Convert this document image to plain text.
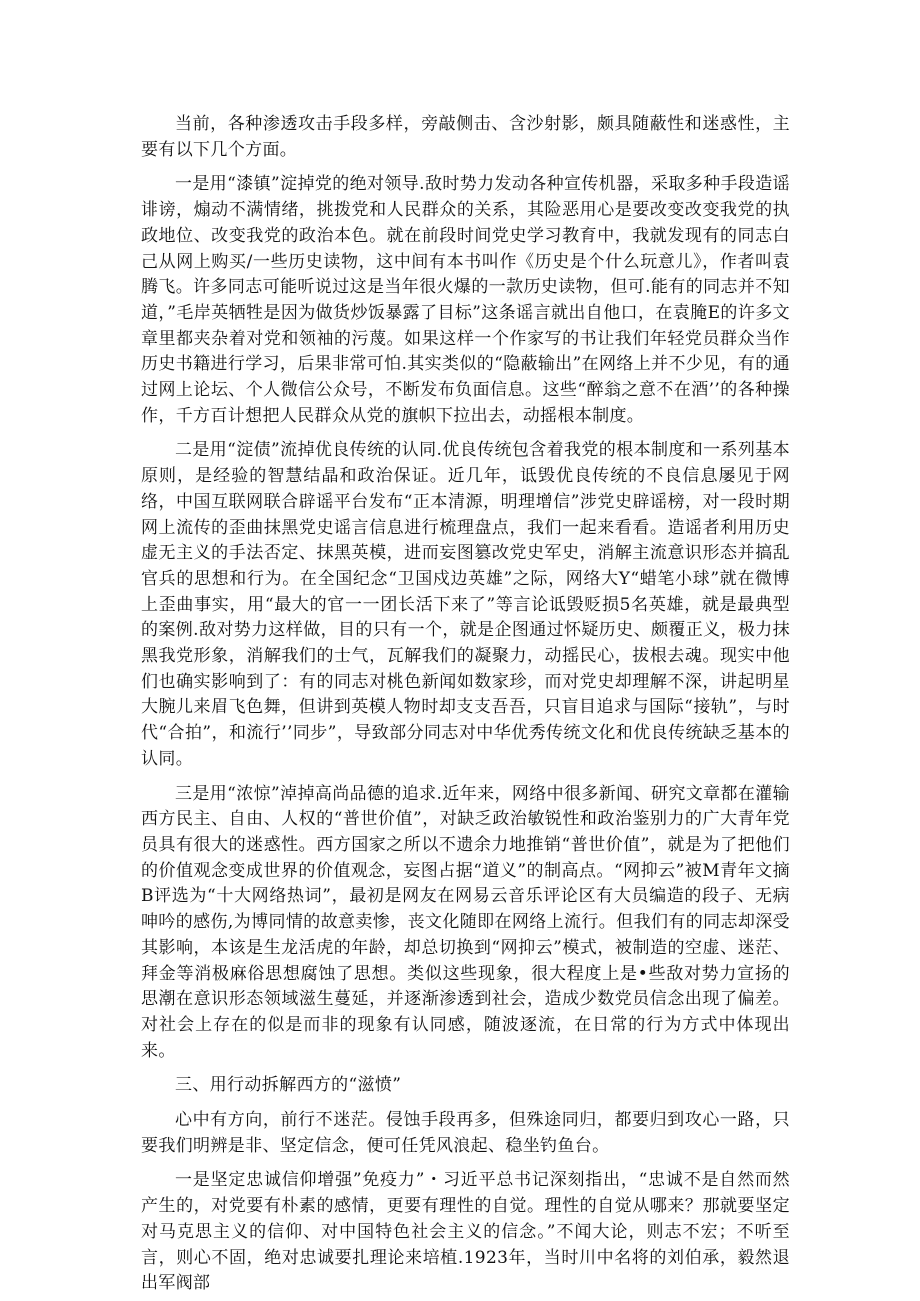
当前，各种渗透攻击手段多样，旁敲侧击、含沙射影，颇具随蔽性和迷惑性，主要有以下几个方面。

一是用“漆镇”淀掉党的绝对领导.敌时势力发动各种宣传机器，采取多种手段造谣诽谤，煽动不满情绪，挑拨党和人民群众的关系，其险恶用心是要改变改变我党的执政地位、改变我党的政治本色。就在前段时间党史学习教育中，我就发现有的同志白己从网上购买/一些历史读物，这中间有本书叫作《历史是个什么玩意儿》，作者叫袁腾飞。许多同志可能听说过这是当年很火爆的一款历史读物，但可.能有的同志并不知道，”毛岸英牺牲是因为做货炒饭暴露了目标”这条谣言就出自他口，在袁腌E的许多文章里都夹杂着对党和领袖的污蔑。如果这样一个作家写的书让我们年轻党员群众当作历史书籍进行学习，后果非常可怕.其实类似的“隐蔽输出”在网络上并不少见，有的通过网上论坛、个人微信公众号，不断发布负面信息。这些“醉翁之意不在酒’’的各种操作，千方百计想把人民群众从党的旗帜下拉出去，动摇根本制度。

二是用“淀债”流掉优良传统的认同.优良传统包含着我党的根本制度和一系列基本原则，是经验的智慧结晶和政治保证。近几年，诋毁优良传统的不良信息屡见于网络，中国互联网联合辟谣平台发布“正本清源，明理增信”涉党史辟谣榜，对一段时期网上流传的歪曲抹黑党史谣言信息进行梳理盘点，我们一起来看看。造谣者利用历史虚无主义的手法否定、抹黑英模，进而妄图篡改党史军史，消解主流意识形态并搞乱官兵的思想和行为。在全国纪念“卫国戍边英雄”之际，网络大Y“蜡笔小球”就在微博上歪曲事实，用“最大的官一一团长活下来了”等言论诋毁贬损5名英雄，就是最典型的案例.敌对势力这样做，目的只有一个，就是企图通过怀疑历史、颇覆正义，极力抹黑我党形象，消解我们的士气，瓦解我们的凝聚力，动摇民心，拔根去魂。现实中他们也确实影响到了：有的同志对桃色新闻如数家珍，而对党史却理解不深，讲起明星大腕儿来眉飞色舞，但讲到英模人物时却支支吾吾，只盲目追求与国际“接轨”，与时代“合拍”，和流行’’同步”，导致部分同志对中华优秀传统文化和优良传统缺乏基本的认同。

三是用“浓惊”淖掉高尚品德的追求.近年来，网络中很多新闻、研究文章都在灌输西方民主、自由、人权的“普世价值”，对缺乏政治敏锐性和政治鉴别力的广大青年党员具有很大的迷惑性。西方国家之所以不遗余力地推销“普世价值”，就是为了把他们的价值观念变成世界的价值观念，妄图占据“道义”的制高点。“网抑云”被M青年文摘B评选为“十大网络热词”，最初是网友在网易云音乐评论区有大员编造的段子、无病呻吟的感伤,为博同情的故意卖惨，丧文化随即在网络上流行。但我们有的同志却深受其影响，本该是生龙活虎的年龄，却总切换到“网抑云”模式，被制造的空虚、迷茫、拜金等消极麻俗思想腐蚀了思想。类似这些现象，很大程度上是•些敌对势力宣扬的思潮在意识形态领域滋生蔓延，并逐渐渗透到社会，造成少数党员信念出现了偏差。对社会上存在的似是而非的现象有认同感，随波逐流，在日常的行为方式中体现出来。

三、用行动拆解西方的“滋愤”

心中有方向，前行不迷茫。侵蚀手段再多，但殊途同归，都要归到攻心一路，只要我们明辨是非、坚定信念，便可任凭风浪起、稳坐钓鱼台。

一是坚定忠诚信仰增强”免疫力”・习近平总书记深刻指出，“忠诚不是自然而然产生的，对党要有朴素的感情，更要有理性的自觉。理性的自觉从哪来？那就要坚定对马克思主义的信仰、对中国特色社会主义的信念。”不闻大论，则志不宏；不听至言，则心不固，绝对忠诚要扎理论来培植.1923年，当时川中名将的刘伯承，毅然退出军阀部
